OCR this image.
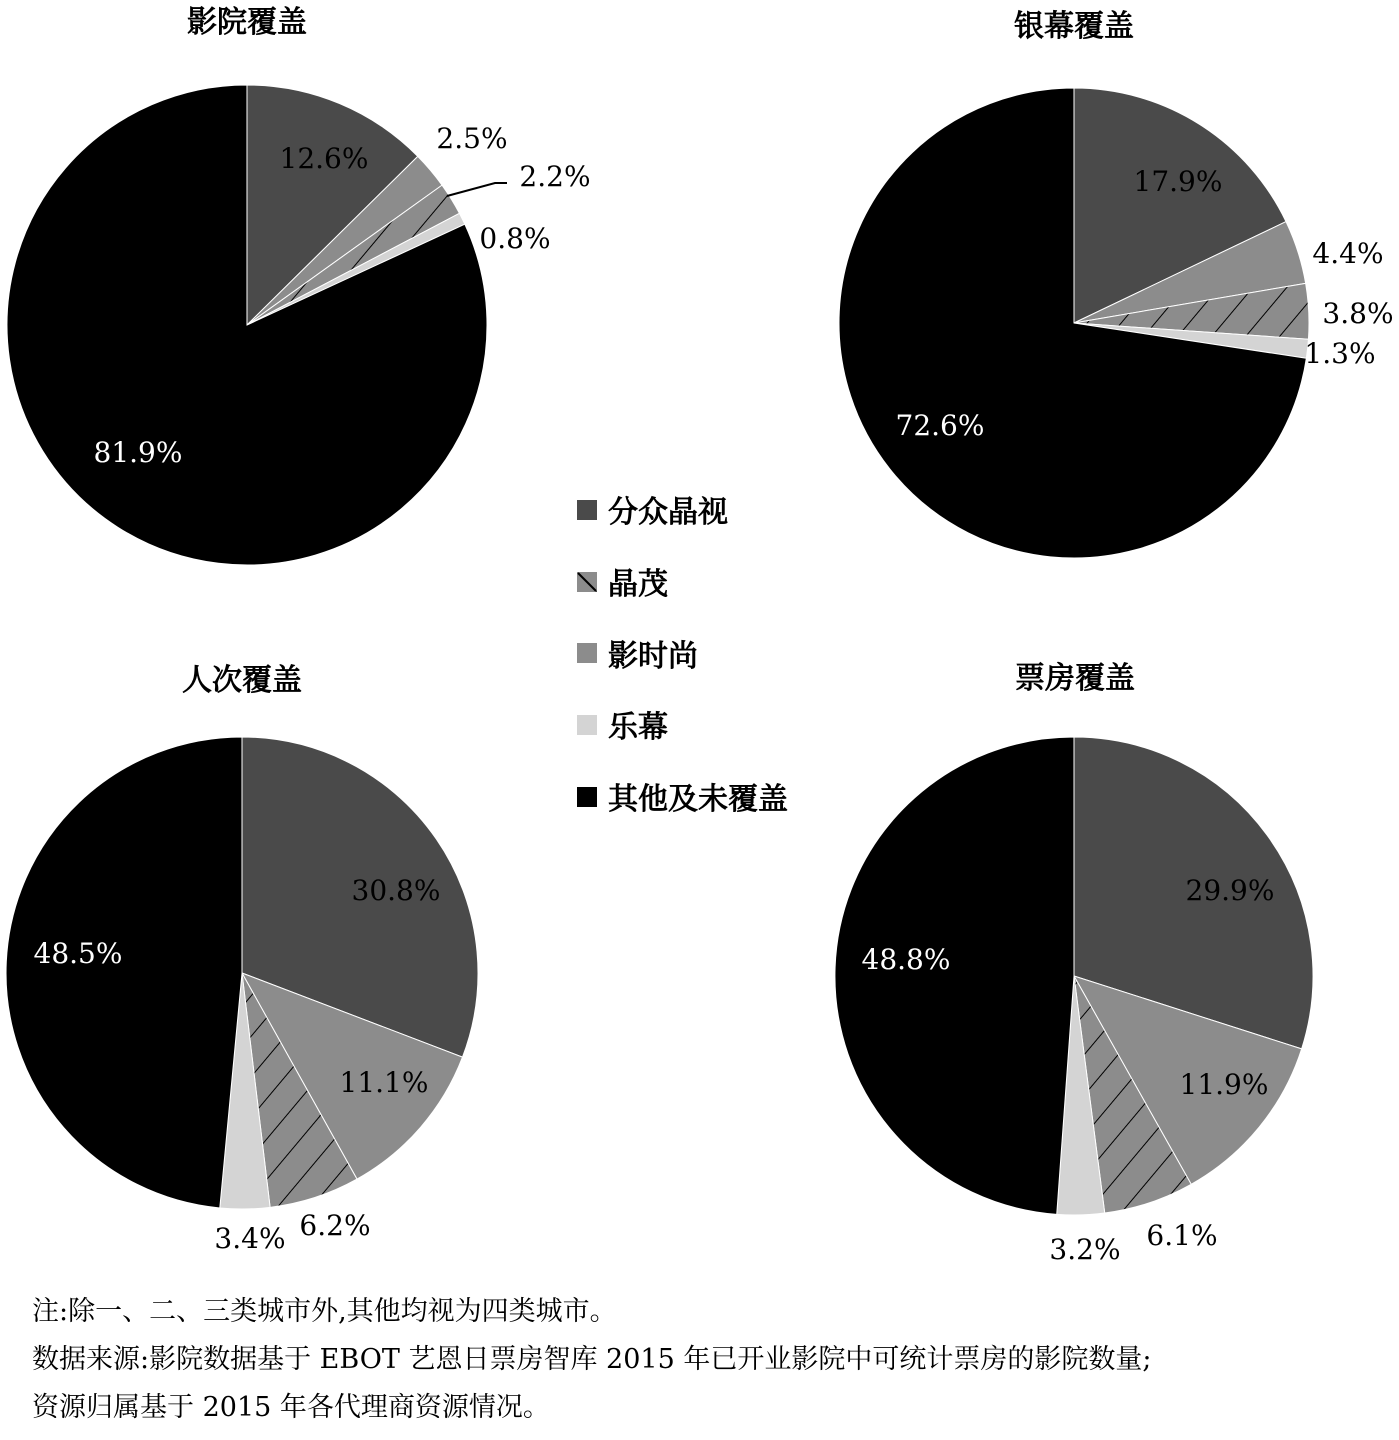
影院覆盖
12.6%
2.5%
2.2%
0.8%
81.9%
银幕覆盖
17.9%
4.4%
3.8%
1.3%
72.6%
人次覆盖
30.8%
11.1%
6.2%
3.4%
48.5%
票房覆盖
29.9%
11.9%
6.1%
3.2%
48.8%
分众晶视
晶茂
影时尚
乐幕
其他及未覆盖
注:除一、二、三类城市外,其他均视为四类城市。
数据来源:影院数据基于 EBOT 艺恩日票房智库 2015 年已开业影院中可统计票房的影院数量;
资源归属基于 2015 年各代理商资源情况。
